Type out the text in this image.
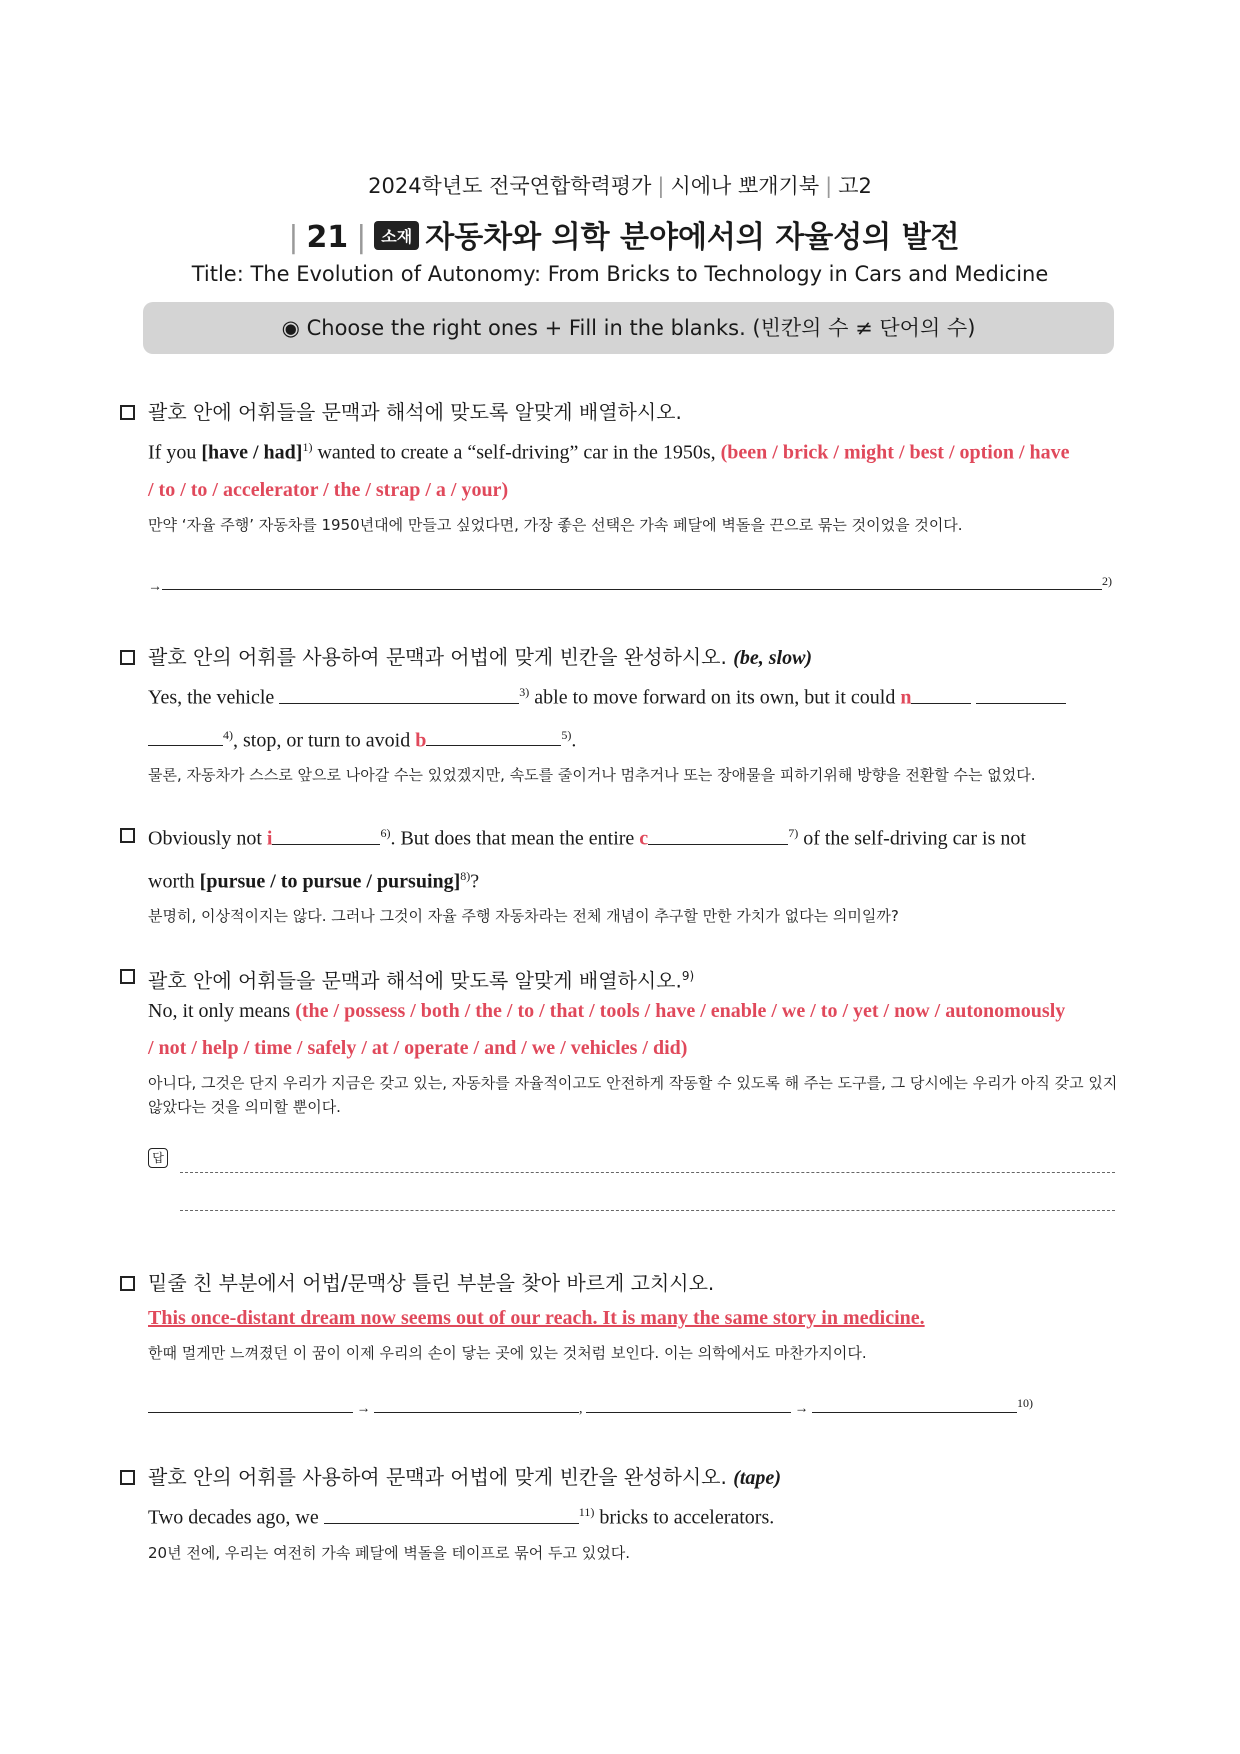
2024학년도 전국연합학력평가 | 시에나 뽀개기북 | 고2
| 21 | 소재 자동차와 의학 분야에서의 자율성의 발전
Title: The Evolution of Autonomy: From Bricks to Technology in Cars and Medicine
◉ Choose the right ones + Fill in the blanks. (빈칸의 수 ≠ 단어의 수)
괄호 안에 어휘들을 문맥과 해석에 맞도록 알맞게 배열하시오.
If you [have / had]$^{1)}$ wanted to create a “self-driving” car in the 1950s, (been / brick / might / best / option / have
/ to / to / accelerator / the / strap / a / your)
만약 ‘자율 주행’ 자동차를 1950년대에 만들고 싶었다면, 가장 좋은 선택은 가속 페달에 벽돌을 끈으로 묶는 것이었을 것이다.
→	$^{2)}$
괄호 안의 어휘를 사용하여 문맥과 어법에 맞게 빈칸을 완성하시오. (be, slow)
Yes, the vehicle	$^{3)}$ able to move forward on its own, but it could n
$^{4)}$, stop, or turn to avoid b	$^{5)}$.
물론, 자동차가 스스로 앞으로 나아갈 수는 있었겠지만, 속도를 줄이거나 멈추거나 또는 장애물을 피하기위해 방향을 전환할 수는 없었다.
Obviously not i	$^{6)}$. But does that mean the entire c	$^{7)}$ of the self-driving car is not
worth [pursue / to pursue / pursuing]$^{8)}$?
분명히, 이상적이지는 않다. 그러나 그것이 자율 주행 자동차라는 전체 개념이 추구할 만한 가치가 없다는 의미일까?
괄호 안에 어휘들을 문맥과 해석에 맞도록 알맞게 배열하시오.$^{9)}$
No, it only means (the / possess / both / the / to / that / tools / have / enable / we / to / yet / now / autonomously
/ not / help / time / safely / at / operate / and / we / vehicles / did)
아니다, 그것은 단지 우리가 지금은 갖고 있는, 자동차를 자율적이고도 안전하게 작동할 수 있도록 해 주는 도구를, 그 당시에는 우리가 아직 갖고 있지
않았다는 것을 의미할 뿐이다.
답
밑줄 친 부분에서 어법/문맥상 틀린 부분을 찾아 바르게 고치시오.
This once-distant dream now seems out of our reach. It is many the same story in medicine.
한때 멀게만 느껴졌던 이 꿈이 이제 우리의 손이 닿는 곳에 있는 것처럼 보인다. 이는 의학에서도 마찬가지이다.
→	,	→	$^{10)}$
괄호 안의 어휘를 사용하여 문맥과 어법에 맞게 빈칸을 완성하시오. (tape)
Two decades ago, we	$^{11)}$ bricks to accelerators.
20년 전에, 우리는 여전히 가속 페달에 벽돌을 테이프로 묶어 두고 있었다.
